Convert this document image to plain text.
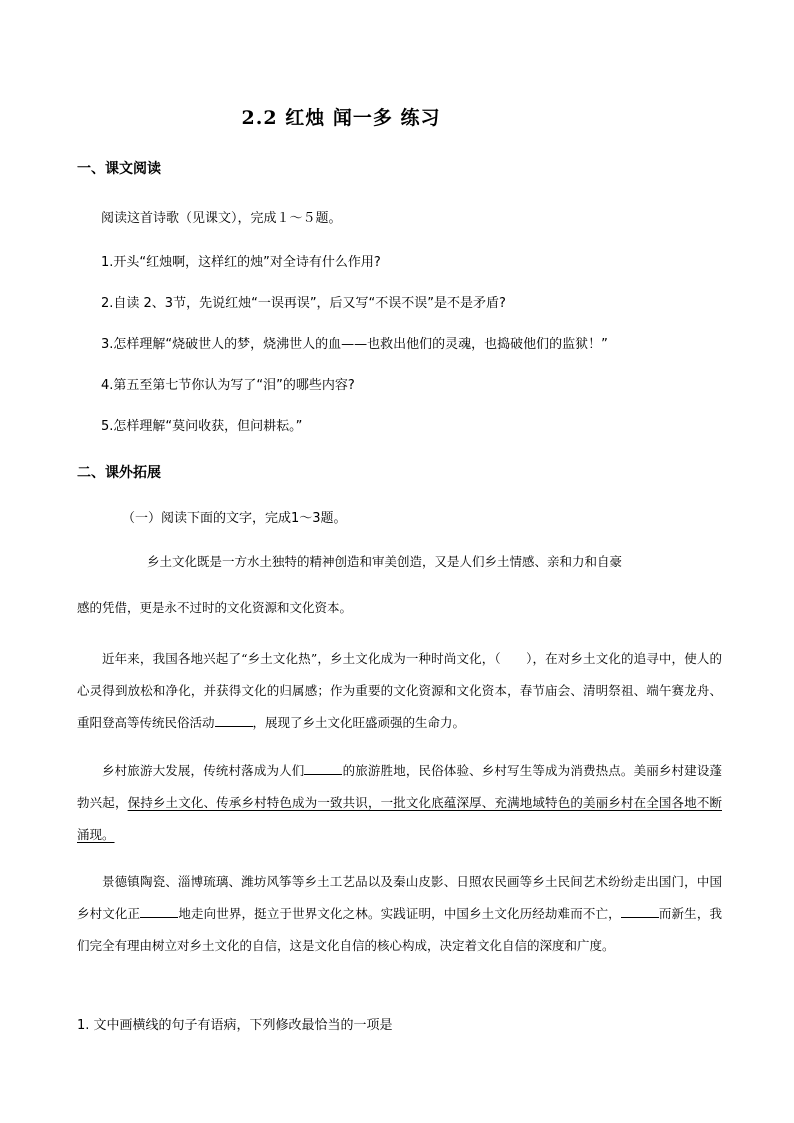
2.2 红烛 闻一多 练习
一、课文阅读
阅读这首诗歌（见课文），完成１～５题。
1.开头“红烛啊，这样红的烛”对全诗有什么作用?
2.自读 2、3节，先说红烛“一误再误”，后又写“不误不误”是不是矛盾?
3.怎样理解“烧破世人的梦，烧沸世人的血——也救出他们的灵魂，也捣破他们的监狱！”
4.第五至第七节你认为写了“泪”的哪些内容?
5.怎样理解“莫问收获，但问耕耘。”
二、课外拓展
（一）阅读下面的文字，完成1～3题。
乡土文化既是一方水土独特的精神创造和审美创造，又是人们乡土情感、亲和力和自豪
感的凭借，更是永不过时的文化资源和文化资本。
近年来，我国各地兴起了“乡土文化热”，乡土文化成为一种时尚文化，（　　），在对乡土文化的追寻中，使人的心灵得到放松和净化，并获得文化的归属感；作为重要的文化资源和文化资本，春节庙会、清明祭祖、端午赛龙舟、重阳登高等传统民俗活动	，展现了乡土文化旺盛顽强的生命力。
乡村旅游大发展，传统村落成为人们	的旅游胜地，民俗体验、乡村写生等成为消费热点。美丽乡村建设蓬勃兴起，保持乡土文化、传承乡村特色成为一致共识，一批文化底蕴深厚、充满地域特色的美丽乡村在全国各地不断涌现。
景德镇陶瓷、淄博琉璃、潍坊风筝等乡土工艺品以及秦山皮影、日照农民画等乡土民间艺术纷纷走出国门，中国乡村文化正	地走向世界，挺立于世界文化之林。实践证明，中国乡土文化历经劫难而不亡，	而新生，我们完全有理由树立对乡土文化的自信，这是文化自信的核心构成，决定着文化自信的深度和广度。
1. 文中画横线的句子有语病，下列修改最恰当的一项是
